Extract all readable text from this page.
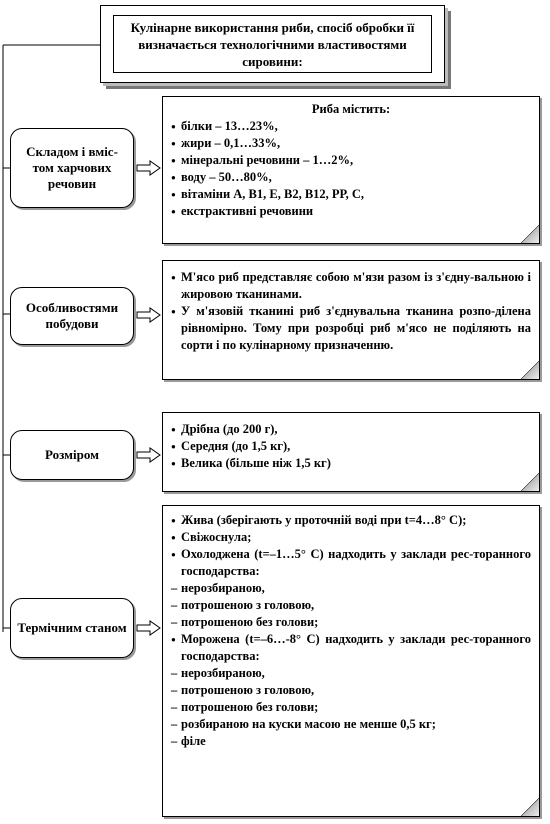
Кулінарне використання риби, спосіб обробки її визначається технологічними властивостями сировини:
Складом і вміс-том харчових речовин
Особливостями побудови
Розміром
Термічним станом
Риба містить:
● білки – 13…23%,
● жири – 0,1…33%,
● мінеральні речовини – 1…2%,
● воду – 50…80%,
● вітаміни А, В1, Е, В2, В12, РР, С,
● екстрактивні речовини
● М'ясо риб представляє собою м'язи разом із з'єдну-вальною і жировою тканинами.
● У м'язовій тканині риб з'єднувальна тканина розпо-ділена рівномірно. Тому при розробці риб м'ясо не поділяють на сорти і по кулінарному призначенню.
● Дрібна (до 200 г),
● Середня (до 1,5 кг),
● Велика (більше ніж 1,5 кг)
● Жива (зберігають у проточній воді при t=4…8° С);
● Свіжоснула;
● Охолоджена (t=–1…5° С) надходить у заклади рес-торанного господарства:
– нерозбираною,
– потрошеною з головою,
– потрошеною без голови;
● Морожена (t=–6…-8° С) надходить у заклади рес-торанного господарства:
– нерозбираною,
– потрошеною з головою,
– потрошеною без голови;
– розбираною на куски масою не менше 0,5 кг;
– філе
